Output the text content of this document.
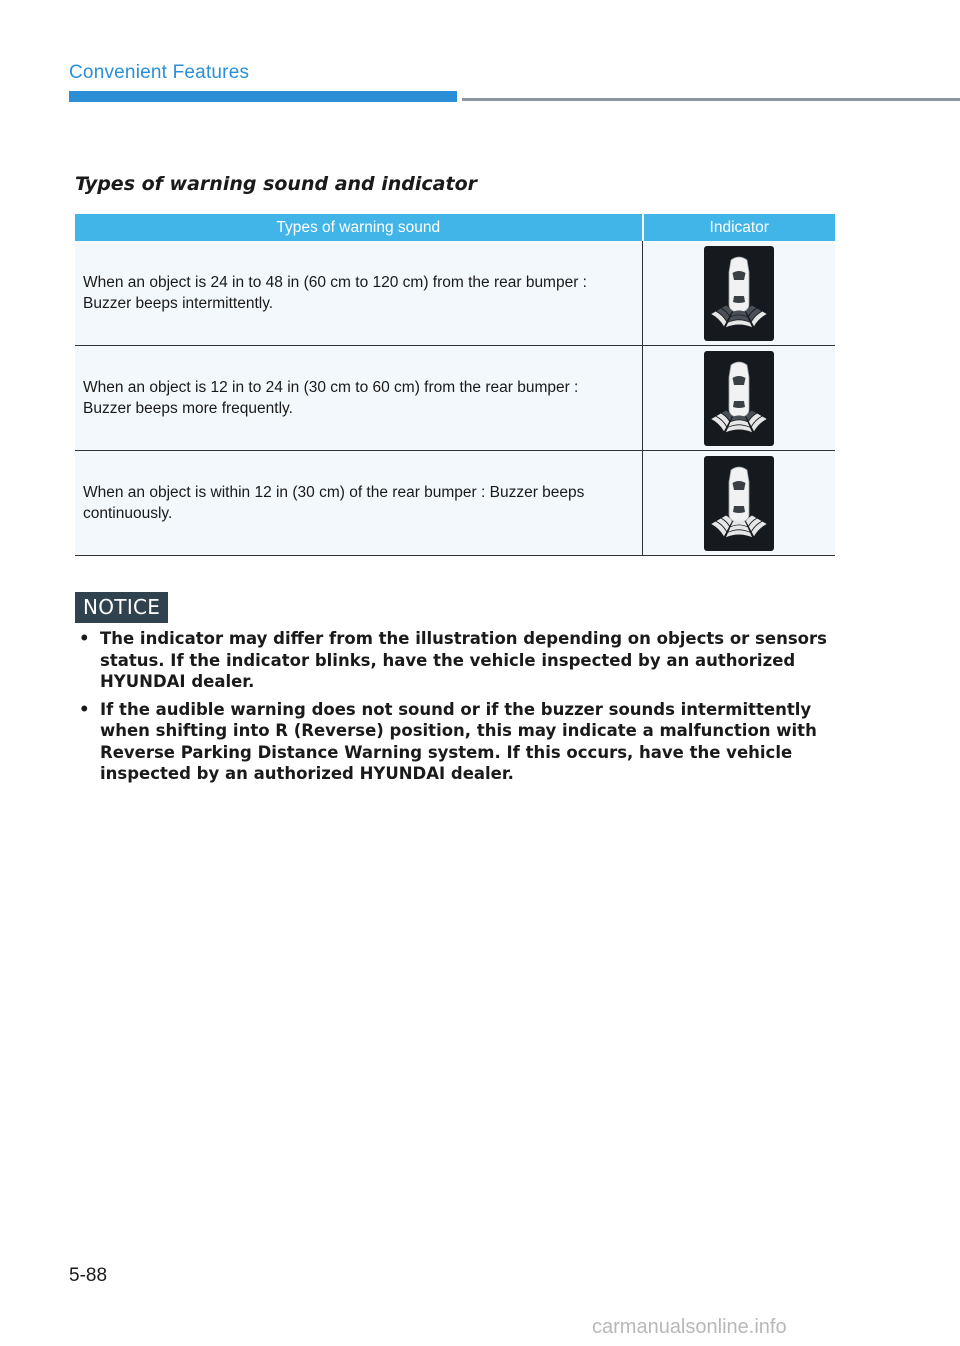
Convenient Features
Types of warning sound and indicator
Types of warning sound	Indicator
When an object is 24 in to 48 in (60 cm to 120 cm) from the rear bumper : Buzzer beeps intermittently.	

When an object is 12 in to 24 in (30 cm to 60 cm) from the rear bumper : Buzzer beeps more frequently.	

When an object is within 12 in (30 cm) of the rear bumper : Buzzer beeps continuously.	
NOTICE
• The indicator may differ from the illustration depending on objects or sensors status. If the indicator blinks, have the vehicle inspected by an authorized HYUNDAI dealer.
• If the audible warning does not sound or if the buzzer sounds intermittently when shifting into R (Reverse) position, this may indicate a malfunction with Reverse Parking Distance Warning system. If this occurs, have the vehicle inspected by an authorized HYUNDAI dealer.
5-88
carmanualsonline.info
